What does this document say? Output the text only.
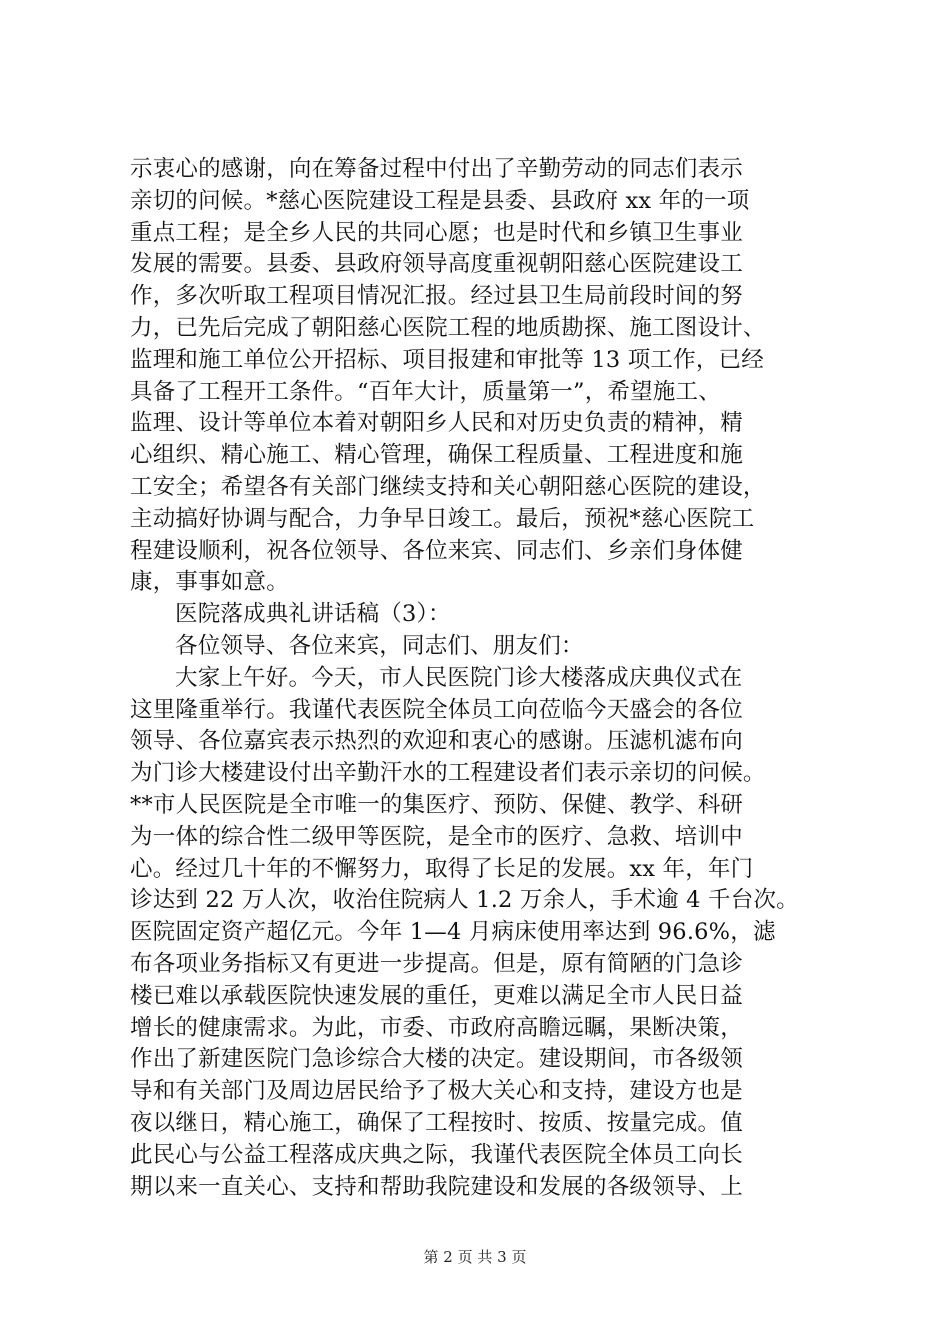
示衷心的感谢，向在筹备过程中付出了辛勤劳动的同志们表示
亲切的问候。*慈心医院建设工程是县委、县政府 xx 年的一项
重点工程；是全乡人民的共同心愿；也是时代和乡镇卫生事业
发展的需要。县委、县政府领导高度重视朝阳慈心医院建设工
作，多次听取工程项目情况汇报。经过县卫生局前段时间的努
力，已先后完成了朝阳慈心医院工程的地质勘探、施工图设计、
监理和施工单位公开招标、项目报建和审批等 13 项工作，已经
具备了工程开工条件。“百年大计，质量第一”，希望施工、
监理、设计等单位本着对朝阳乡人民和对历史负责的精神，精
心组织、精心施工、精心管理，确保工程质量、工程进度和施
工安全；希望各有关部门继续支持和关心朝阳慈心医院的建设，
主动搞好协调与配合，力争早日竣工。最后，预祝*慈心医院工
程建设顺利，祝各位领导、各位来宾、同志们、乡亲们身体健
康，事事如意。
医院落成典礼讲话稿（3）：
各位领导、各位来宾，同志们、朋友们：
大家上午好。今天，市人民医院门诊大楼落成庆典仪式在
这里隆重举行。我谨代表医院全体员工向莅临今天盛会的各位
领导、各位嘉宾表示热烈的欢迎和衷心的感谢。压滤机滤布向
为门诊大楼建设付出辛勤汗水的工程建设者们表示亲切的问候。
**市人民医院是全市唯一的集医疗、预防、保健、教学、科研
为一体的综合性二级甲等医院，是全市的医疗、急救、培训中
心。经过几十年的不懈努力，取得了长足的发展。xx 年，年门
诊达到 22 万人次，收治住院病人 1.2 万余人，手术逾 4 千台次。
医院固定资产超亿元。今年 1—4 月病床使用率达到 96.6%，滤
布各项业务指标又有更进一步提高。但是，原有简陋的门急诊
楼已难以承载医院快速发展的重任，更难以满足全市人民日益
增长的健康需求。为此，市委、市政府高瞻远瞩，果断决策，
作出了新建医院门急诊综合大楼的决定。建设期间，市各级领
导和有关部门及周边居民给予了极大关心和支持，建设方也是
夜以继日，精心施工，确保了工程按时、按质、按量完成。值
此民心与公益工程落成庆典之际，我谨代表医院全体员工向长
期以来一直关心、支持和帮助我院建设和发展的各级领导、上
第 2 页 共 3 页
